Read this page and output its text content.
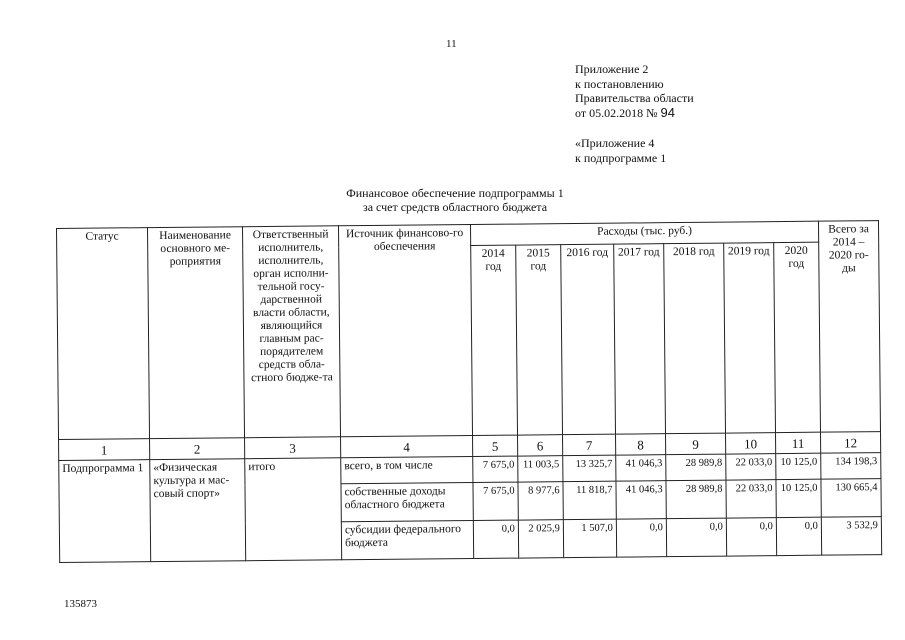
11
Приложение 2
к постановлению
Правительства области
от 05.02.2018 № 94
«Приложение 4
к подпрограмме 1
Финансовое обеспечение подпрограммы 1
за счет средств областного бюджета
Статус	Наименование основного ме-роприятия	Ответственный исполнитель, исполнитель, орган исполни-тельной госу-дарственной власти области, являющийся главным рас-порядителем средств обла-стного бюдже-та	Источник финансово-го обеспечения	Расходы (тыс. руб.)							Всего за 2014 – 2020 го-ды
				2014 год	2015 год	2016 год	2017 год	2018 год	2019 год	2020 год	
1	2	3	4	5	6	7	8	9	10	11	12
Подпрограмма 1	«Физическая культура и мас-совый спорт»	итого	всего, в том числе	7 675,0	11 003,5	13 325,7	41 046,3	28 989,8	22 033,0	10 125,0	134 198,3
			собственные доходы областного бюджета	7 675,0	8 977,6	11 818,7	41 046,3	28 989,8	22 033,0	10 125,0	130 665,4
			субсидии федерального бюджета	0,0	2 025,9	1 507,0	0,0	0,0	0,0	0,0	3 532,9
135873
